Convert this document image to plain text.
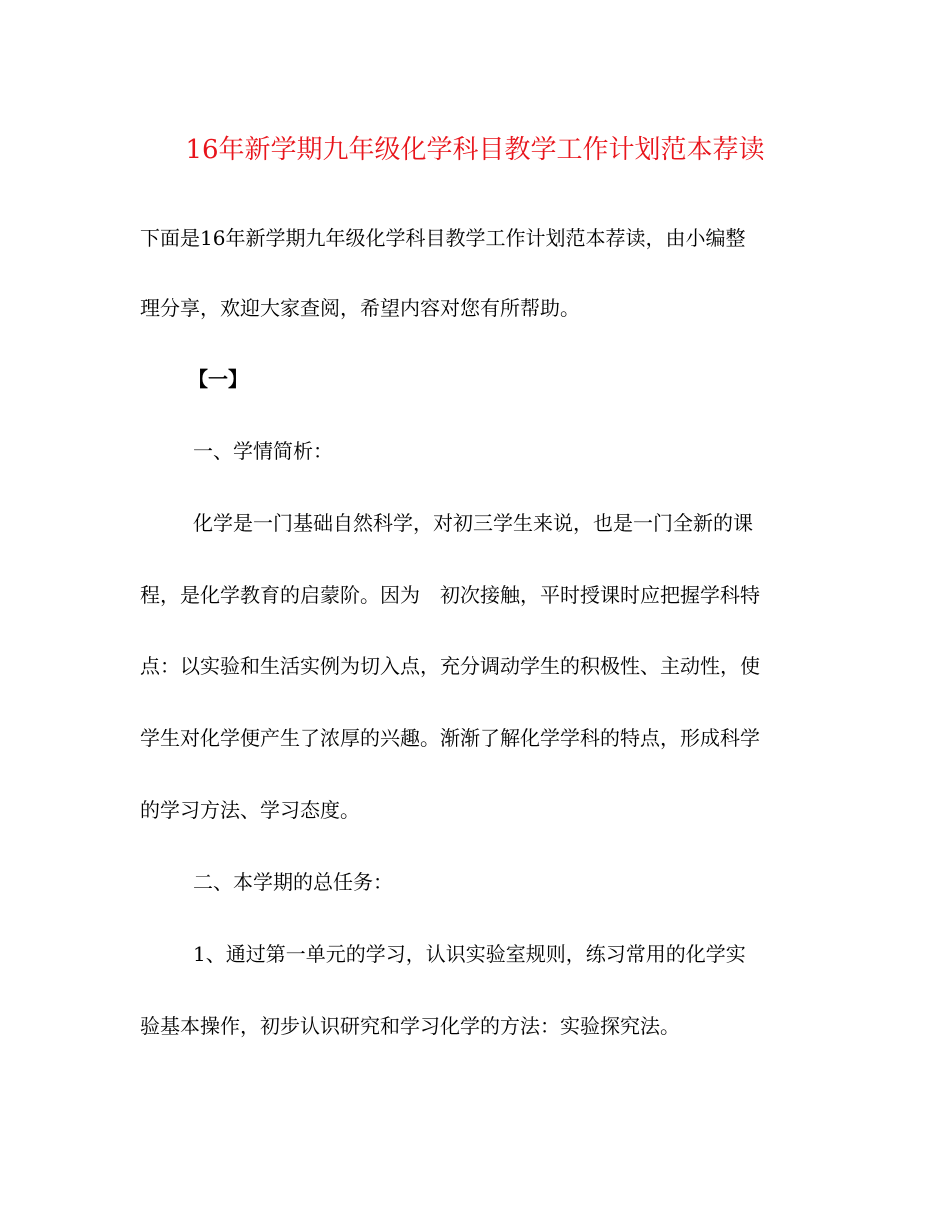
16年新学期九年级化学科目教学工作计划范本荐读
下面是16年新学期九年级化学科目教学工作计划范本荐读，由小编整
理分享，欢迎大家查阅，希望内容对您有所帮助。
【一】
一、学情简析：
化学是一门基础自然科学，对初三学生来说，也是一门全新的课
程，是化学教育的启蒙阶。因为　初次接触，平时授课时应把握学科特
点：以实验和生活实例为切入点，充分调动学生的积极性、主动性，使
学生对化学便产生了浓厚的兴趣。渐渐了解化学学科的特点，形成科学
的学习方法、学习态度。
二、本学期的总任务：
1、通过第一单元的学习，认识实验室规则，练习常用的化学实
验基本操作，初步认识研究和学习化学的方法：实验探究法。
